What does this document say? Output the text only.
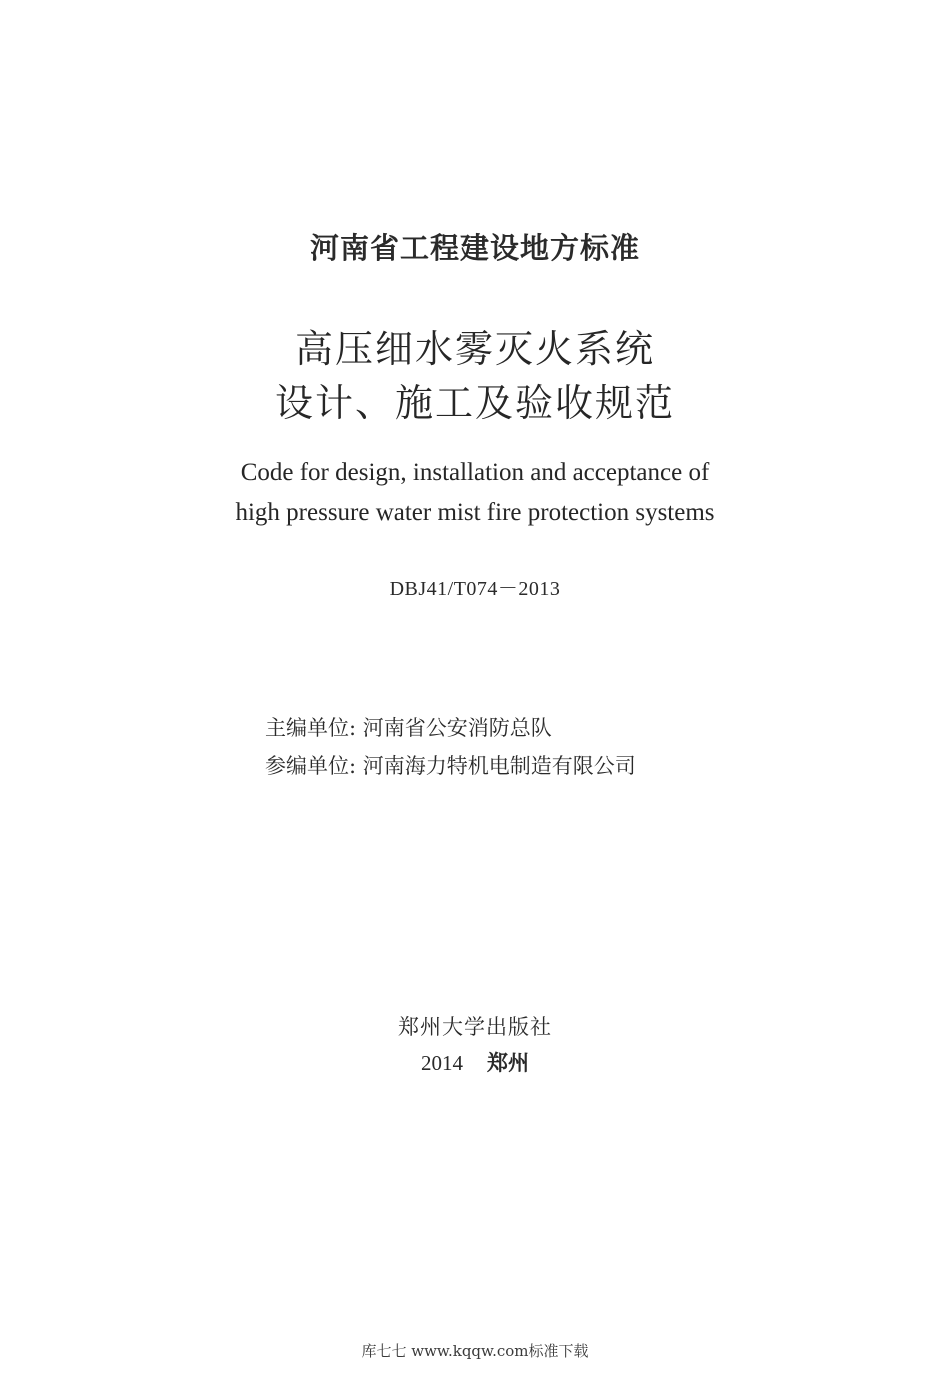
河南省工程建设地方标准
高压细水雾灭火系统
设计、施工及验收规范
Code for design, installation and acceptance of
high pressure water mist fire protection systems
DBJ41/T074－2013
主编单位: 河南省公安消防总队
参编单位: 河南海力特机电制造有限公司
郑州大学出版社
2014 郑州
库七七 www.kqqw.com标准下载
